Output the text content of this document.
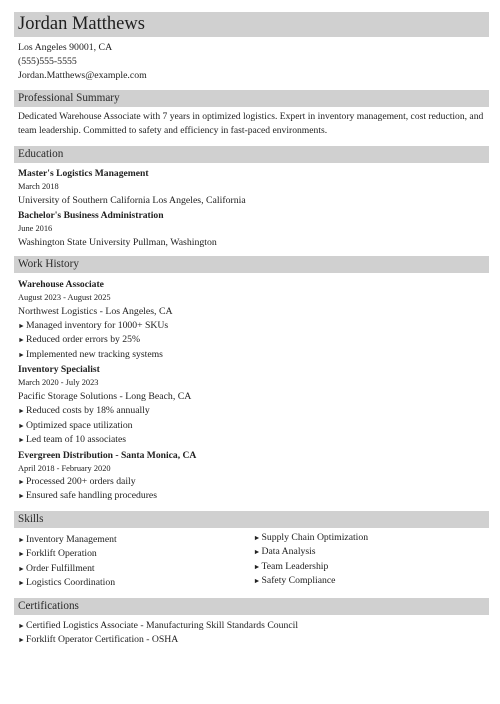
Jordan Matthews
Los Angeles 90001, CA
(555)555-5555
Jordan.Matthews@example.com
Professional Summary
Dedicated Warehouse Associate with 7 years in optimized logistics. Expert in inventory management, cost reduction, and team leadership. Committed to safety and efficiency in fast-paced environments.
Education
Master's Logistics Management
March 2018
University of Southern California Los Angeles, California
Bachelor's Business Administration
June 2016
Washington State University Pullman, Washington
Work History
Warehouse Associate
August 2023 - August 2025
Northwest Logistics - Los Angeles, CA
► Managed inventory for 1000+ SKUs
► Reduced order errors by 25%
► Implemented new tracking systems
Inventory Specialist
March 2020 - July 2023
Pacific Storage Solutions - Long Beach, CA
► Reduced costs by 18% annually
► Optimized space utilization
► Led team of 10 associates
Evergreen Distribution - Santa Monica, CA
April 2018 - February 2020
► Processed 200+ orders daily
► Ensured safe handling procedures
Skills
► Inventory Management
► Forklift Operation
► Order Fulfillment
► Logistics Coordination
► Supply Chain Optimization
► Data Analysis
► Team Leadership
► Safety Compliance
Certifications
► Certified Logistics Associate - Manufacturing Skill Standards Council
► Forklift Operator Certification - OSHA
